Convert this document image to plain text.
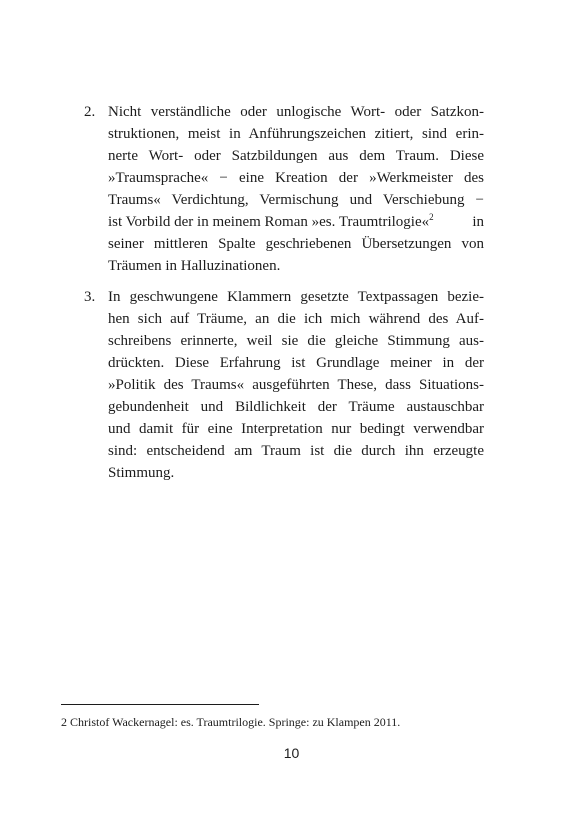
2. Nicht verständliche oder unlogische Wort- oder Satzkon-
struktionen, meist in Anführungszeichen zitiert, sind erin-
nerte Wort- oder Satzbildungen aus dem Traum. Diese
»Traumsprache« − eine Kreation der »Werkmeister des
Traums« Verdichtung, Vermischung und Verschiebung −
ist Vorbild der in meinem Roman »es. Traumtrilogie«$^2$	in
seiner mittleren Spalte geschriebenen Übersetzungen von
Träumen in Halluzinationen.
3. In geschwungene Klammern gesetzte Textpassagen bezie-
hen sich auf Träume, an die ich mich während des Auf-
schreibens erinnerte, weil sie die gleiche Stimmung aus-
drückten. Diese Erfahrung ist Grundlage meiner in der
»Politik des Traums« ausgeführten These, dass Situations-
gebundenheit und Bildlichkeit der Träume austauschbar
und damit für eine Interpretation nur bedingt verwendbar
sind: entscheidend am Traum ist die durch ihn erzeugte
Stimmung.
2 Christof Wackernagel: es. Traumtrilogie. Springe: zu Klampen 2011.
10
